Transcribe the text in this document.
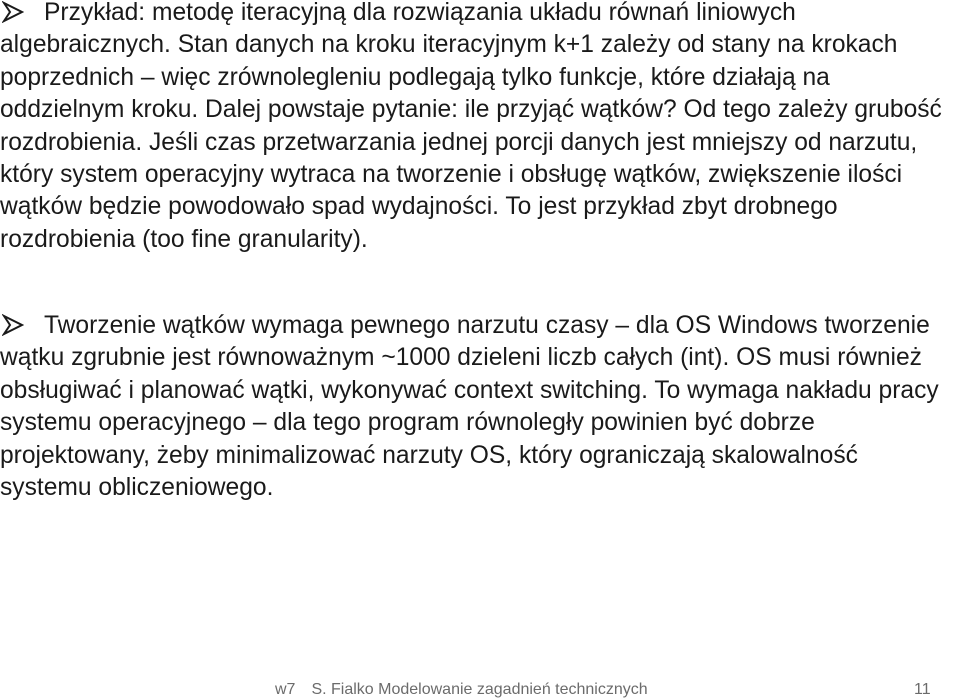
Przykład: metodę iteracyjną dla rozwiązania układu równań liniowych algebraicznych. Stan danych na kroku iteracyjnym k+1 zależy od stany na krokach poprzednich – więc zrównolegleniu podlegają tylko funkcje, które działają na oddzielnym kroku. Dalej powstaje pytanie: ile przyjąć wątków? Od tego zależy grubość rozdrobienia. Jeśli czas przetwarzania jednej porcji danych jest mniejszy od narzutu, który system operacyjny wytraca na tworzenie i obsługę wątków, zwiększenie ilości wątków będzie powodowało spad wydajności. To jest przykład zbyt drobnego rozdrobienia (too fine granularity).
Tworzenie wątków wymaga pewnego narzutu czasy – dla OS Windows tworzenie wątku zgrubnie jest równoważnym ~1000 dzieleni liczb całych (int). OS musi również obsługiwać i planować wątki, wykonywać context switching. To wymaga nakładu pracy systemu operacyjnego – dla tego program równoległy powinien być dobrze projektowany, żeby minimalizować narzuty OS, który ograniczają skalowalność systemu obliczeniowego.
w7 S. Fialko Modelowanie zagadnień technicznych	11
